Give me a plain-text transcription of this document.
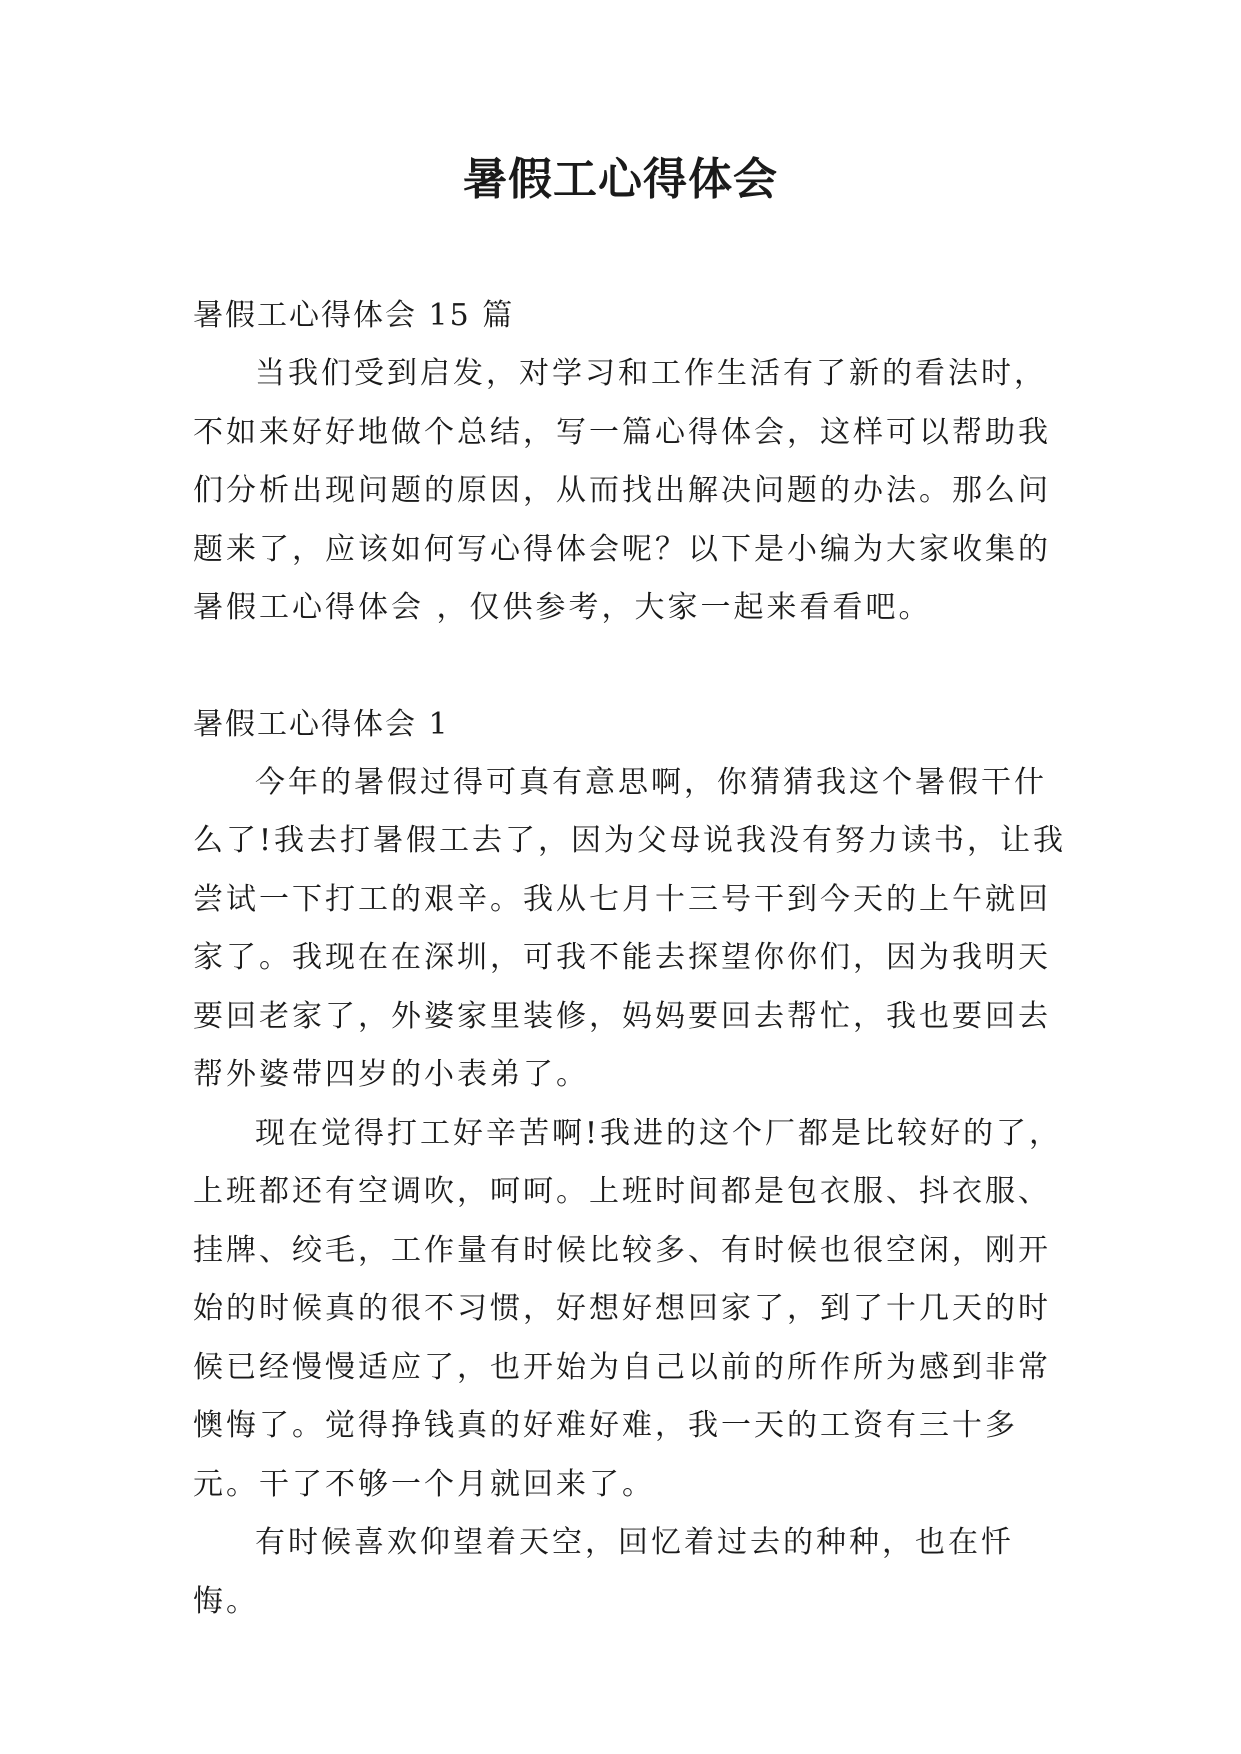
暑假工心得体会

暑假工心得体会 15 篇

当我们受到启发，对学习和工作生活有了新的看法时，不如来好好地做个总结，写一篇心得体会，这样可以帮助我们分析出现问题的原因，从而找出解决问题的办法。那么问题来了，应该如何写心得体会呢？以下是小编为大家收集的暑假工心得体会 ，仅供参考，大家一起来看看吧。

暑假工心得体会 1

今年的暑假过得可真有意思啊，你猜猜我这个暑假干什么了!我去打暑假工去了，因为父母说我没有努力读书，让我尝试一下打工的艰辛。我从七月十三号干到今天的上午就回家了。我现在在深圳，可我不能去探望你你们，因为我明天要回老家了，外婆家里装修，妈妈要回去帮忙，我也要回去帮外婆带四岁的小表弟了。

现在觉得打工好辛苦啊!我进的这个厂都是比较好的了，上班都还有空调吹，呵呵。上班时间都是包衣服、抖衣服、挂牌、绞毛，工作量有时候比较多、有时候也很空闲，刚开始的时候真的很不习惯，好想好想回家了，到了十几天的时候已经慢慢适应了，也开始为自己以前的所作所为感到非常懊悔了。觉得挣钱真的好难好难，我一天的工资有三十多元。干了不够一个月就回来了。

有时候喜欢仰望着天空，回忆着过去的种种，也在忏悔。
